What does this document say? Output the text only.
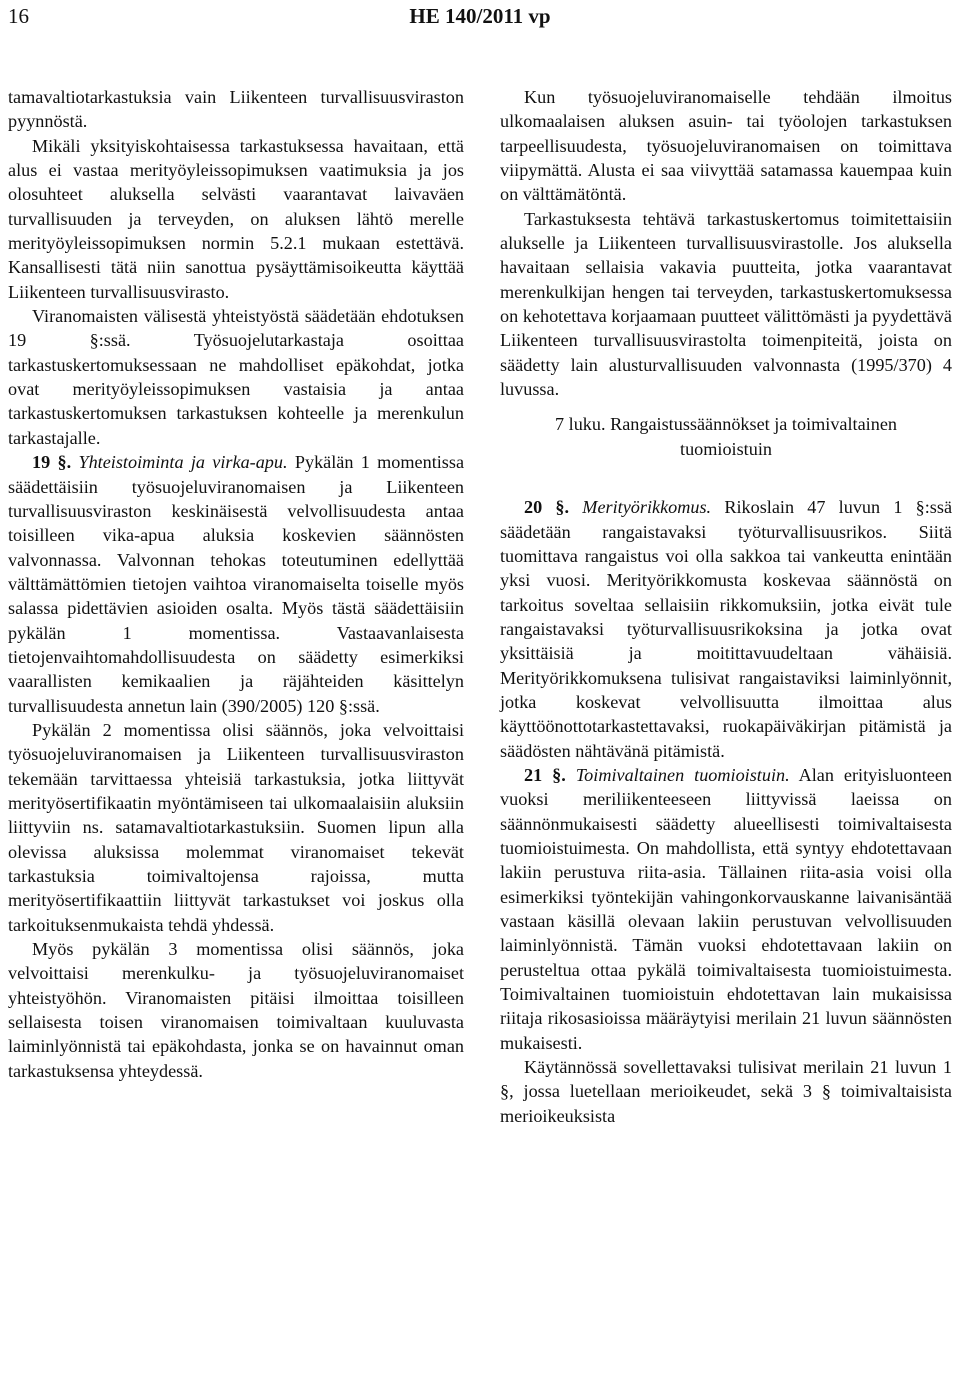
16	HE 140/2011 vp

tamavaltiotarkastuksia vain Liikenteen turvallisuusviraston pyynnöstä.

Mikäli yksityiskohtaisessa tarkastuksessa havaitaan, että alus ei vastaa merityöyleissopimuksen vaatimuksia ja jos olosuhteet aluksella selvästi vaarantavat laivaväen turvallisuuden ja terveyden, on aluksen lähtö merelle merityöyleissopimuksen normin 5.2.1 mukaan estettävä. Kansallisesti tätä niin sanottua pysäyttämisoikeutta käyttää Liikenteen turvallisuusvirasto.

Viranomaisten välisestä yhteistyöstä säädetään ehdotuksen 19 §:ssä. Työsuojelutarkastaja osoittaa tarkastuskertomuksessaan ne mahdolliset epäkohdat, jotka ovat merityöyleissopimuksen vastaisia ja antaa tarkastuskertomuksen tarkastuksen kohteelle ja merenkulun tarkastajalle.

19 §. Yhteistoiminta ja virka-apu. Pykälän 1 momentissa säädettäisiin työsuojeluviranomaisen ja Liikenteen turvallisuusviraston keskinäisestä velvollisuudesta antaa toisilleen vika-apua aluksia koskevien säännösten valvonnassa. Valvonnan tehokas toteutuminen edellyttää välttämättömien tietojen vaihtoa viranomaiselta toiselle myös salassa pidettävien asioiden osalta. Myös tästä säädettäisiin pykälän 1 momentissa. Vastaavanlaisesta tietojenvaihtomahdollisuudesta on säädetty esimerkiksi vaarallisten kemikaalien ja räjähteiden käsittelyn turvallisuudesta annetun lain (390/2005) 120 §:ssä.

Pykälän 2 momentissa olisi säännös, joka velvoittaisi työsuojeluviranomaisen ja Liikenteen turvallisuusviraston tekemään tarvittaessa yhteisiä tarkastuksia, jotka liittyvät merityösertifikaatin myöntämiseen tai ulkomaalaisiin aluksiin liittyviin ns. satamavaltiotarkastuksiin. Suomen lipun alla olevissa aluksissa molemmat viranomaiset tekevät tarkastuksia toimivaltojensa rajoissa, mutta merityösertifikaattiin liittyvät tarkastukset voi joskus olla tarkoituksenmukaista tehdä yhdessä.

Myös pykälän 3 momentissa olisi säännös, joka velvoittaisi merenkulku- ja työsuojeluviranomaiset yhteistyöhön. Viranomaisten pitäisi ilmoittaa toisilleen sellaisesta toisen viranomaisen toimivaltaan kuuluvasta laiminlyönnistä tai epäkohdasta, jonka se on havainnut oman tarkastuksensa yhteydessä.

Kun työsuojeluviranomaiselle tehdään ilmoitus ulkomaalaisen aluksen asuin- tai työolojen tarkastuksen tarpeellisuudesta, työsuojeluviranomaisen on toimittava viipymättä. Alusta ei saa viivyttää satamassa kauempaa kuin on välttämätöntä.

Tarkastuksesta tehtävä tarkastuskertomus toimitettaisiin alukselle ja Liikenteen turvallisuusvirastolle. Jos aluksella havaitaan sellaisia vakavia puutteita, jotka vaarantavat merenkulkijan hengen tai terveyden, tarkastuskertomuksessa on kehotettava korjaamaan puutteet välittömästi ja pyydettävä Liikenteen turvallisuusvirastolta toimenpiteitä, joista on säädetty lain alusturvallisuuden valvonnasta (1995/370) 4 luvussa.

7 luku. Rangaistussäännökset ja toimivaltainen tuomioistuin

20 §. Merityörikkomus. Rikoslain 47 luvun 1 §:ssä säädetään rangaistavaksi työturvallisuusrikos. Siitä tuomittava rangaistus voi olla sakkoa tai vankeutta enintään yksi vuosi. Merityörikkomusta koskevaa säännöstä on tarkoitus soveltaa sellaisiin rikkomuksiin, jotka eivät tule rangaistavaksi työturvallisuusrikoksina ja jotka ovat yksittäisiä ja moitittavuudeltaan vähäisiä. Merityörikkomuksena tulisivat rangaistaviksi laiminlyönnit, jotka koskevat velvollisuutta ilmoittaa alus käyttöönottotarkastettavaksi, ruokapäiväkirjan pitämistä ja säädösten nähtävänä pitämistä.

21 §. Toimivaltainen tuomioistuin. Alan erityisluonteen vuoksi meriliikenteeseen liittyvissä laeissa on säännönmukaisesti säädetty alueellisesti toimivaltaisesta tuomioistuimesta. On mahdollista, että syntyy ehdotettavaan lakiin perustuva riita-asia. Tällainen riita-asia voisi olla esimerkiksi työntekijän vahingonkorvauskanne laivanisäntää vastaan käsillä olevaan lakiin perustuvan velvollisuuden laiminlyönnistä. Tämän vuoksi ehdotettavaan lakiin on perusteltua ottaa pykälä toimivaltaisesta tuomioistuimesta. Toimivaltainen tuomioistuin ehdotettavan lain mukaisissa riitaja rikosasioissa määräytyisi merilain 21 luvun säännösten mukaisesti.

Käytännössä sovellettavaksi tulisivat merilain 21 luvun 1 §, jossa luetellaan merioikeudet, sekä 3 § toimivaltaisista merioikeuksista
